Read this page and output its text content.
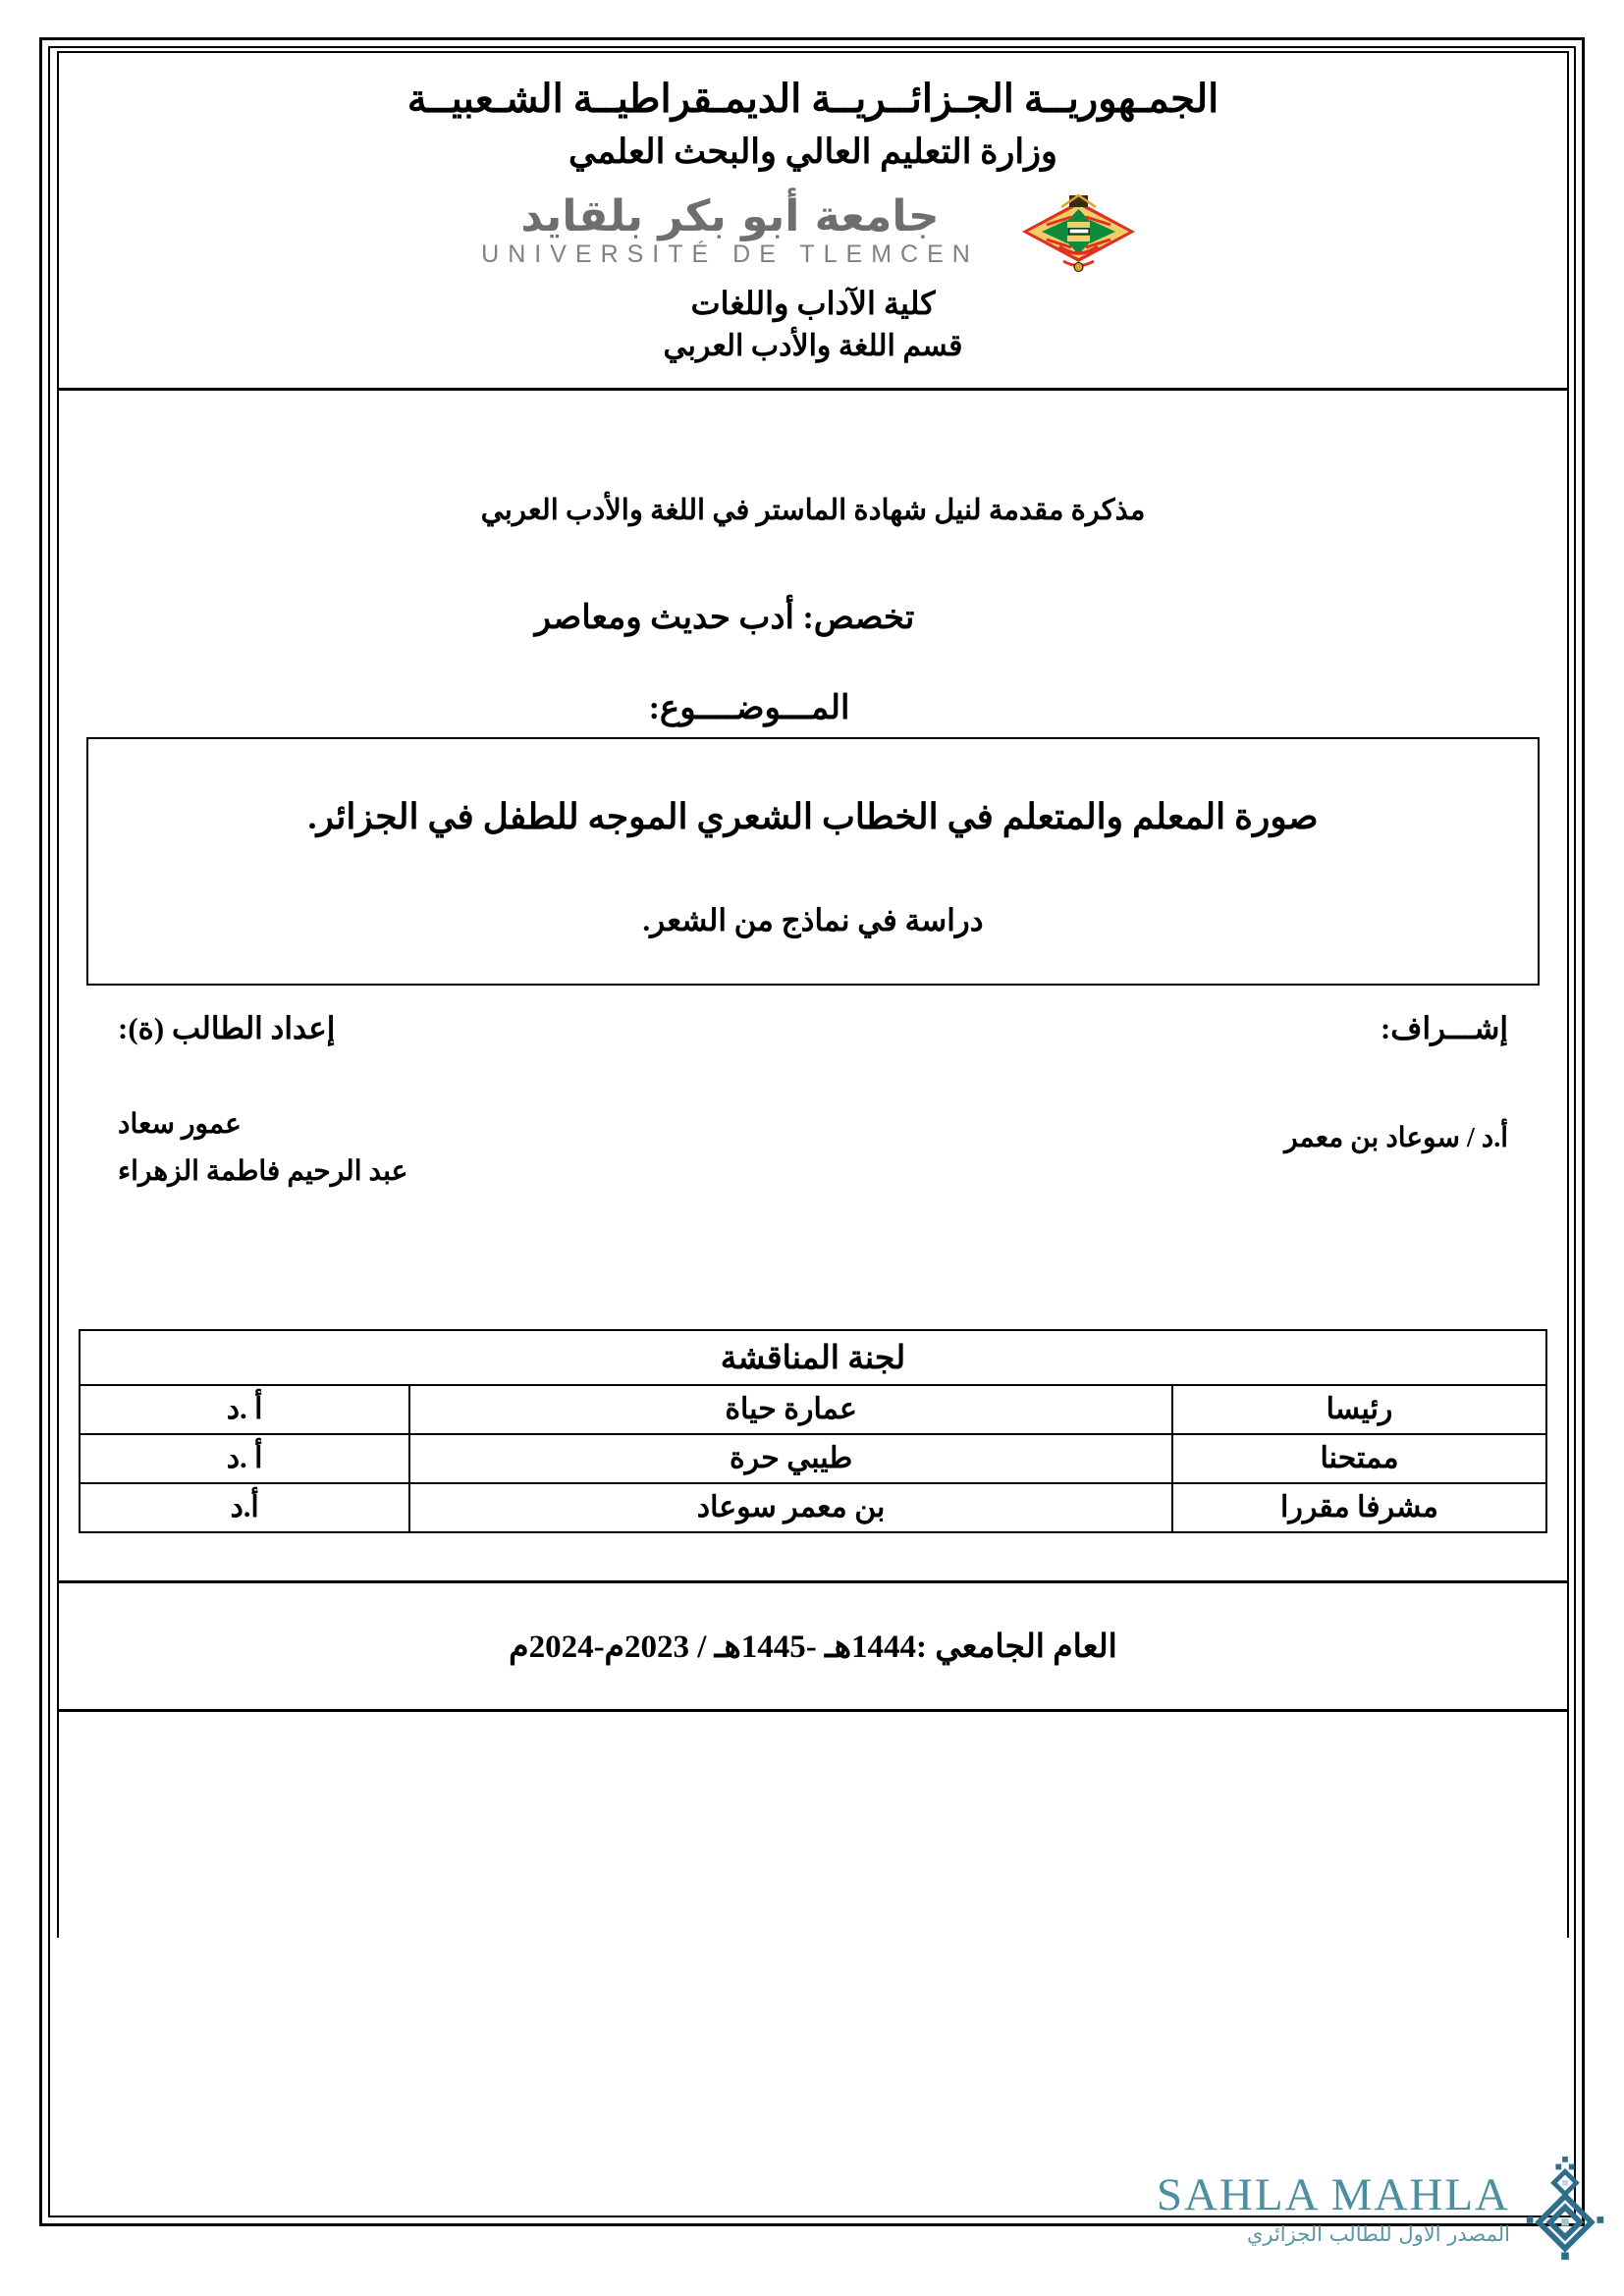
الجمـهوريــة الجـزائــريــة الديمـقراطيــة الشـعبيــة
وزارة التعليم العالي والبحث العلمي
جامعة أبو بكر بلقايد
UNIVERSITÉ DE TLEMCEN
كلية الآداب واللغات
قسم اللغة والأدب العربي
مذكرة مقدمة لنيل شهادة الماستر في اللغة والأدب العربي
تخصص: أدب حديث ومعاصر
المـــوضــــوع:
صورة المعلم والمتعلم في الخطاب الشعري الموجه للطفل في الجزائر.
دراسة في نماذج من الشعر.
إشـــراف:
أ.د / سوعاد بن معمر
إعداد الطالب (ة):
عمور سعاد
عبد الرحيم فاطمة الزهراء
لجنة المناقشة		
رئيسا	عمارة حياة	أ .د
ممتحنا	طيبي حرة	أ .د
مشرفا مقررا	بن معمر سوعاد	أ.د
العام الجامعي :1444هـ -1445هـ / 2023م-2024م
SAHLA MAHLA
المصدر الاول للطالب الجزائري
